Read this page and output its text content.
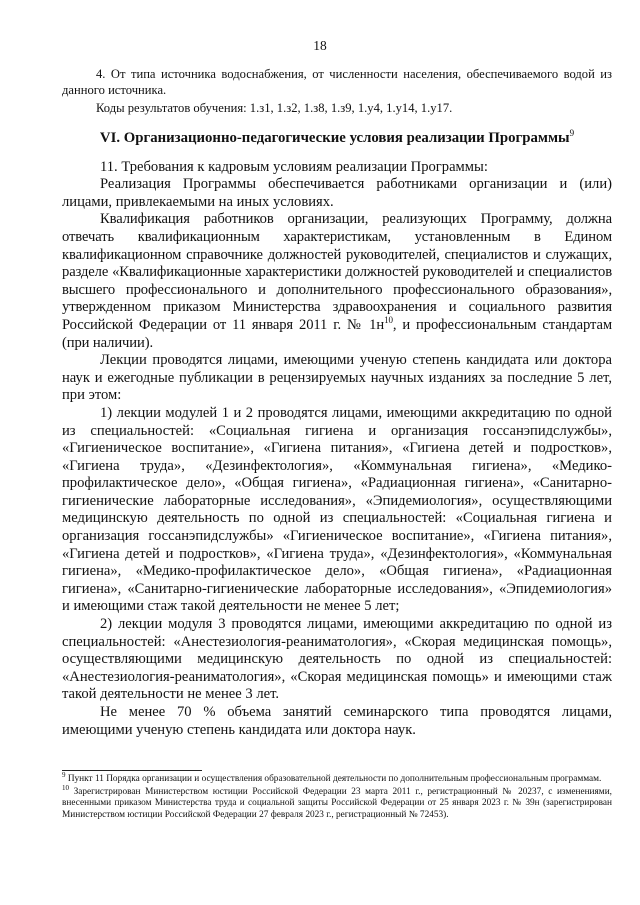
18

4. От типа источника водоснабжения, от численности населения, обеспечиваемого водой из данного источника.

Коды результатов обучения: 1.з1, 1.з2, 1.з8, 1.з9, 1.у4, 1.у14, 1.у17.

VI. Организационно-педагогические условия реализации Программы$^9$

11. Требования к кадровым условиям реализации Программы:

Реализация Программы обеспечивается работниками организации и (или) лицами, привлекаемыми на иных условиях.

Квалификация работников организации, реализующих Программу, должна отвечать квалификационным характеристикам, установленным в Едином квалификационном справочнике должностей руководителей, специалистов и служащих, разделе «Квалификационные характеристики должностей руководителей и специалистов высшего профессионального и дополнительного профессионального образования», утвержденном приказом Министерства здравоохранения и социального развития Российской Федерации от 11 января 2011 г. № $1н^{10}$, и профессиональным стандартам (при наличии).

Лекции проводятся лицами, имеющими ученую степень кандидата или доктора наук и ежегодные публикации в рецензируемых научных изданиях за последние 5 лет, при этом:

1) лекции модулей 1 и 2 проводятся лицами, имеющими аккредитацию по одной из специальностей: «Социальная гигиена и организация госсанэпидслужбы», «Гигиеническое воспитание», «Гигиена питания», «Гигиена детей и подростков», «Гигиена труда», «Дезинфектология», «Коммунальная гигиена», «Медико-профилактическое дело», «Общая гигиена», «Радиационная гигиена», «Санитарно-гигиенические лабораторные исследования», «Эпидемиология», осуществляющими медицинскую деятельность по одной из специальностей: «Социальная гигиена и организация госсанэпидслужбы» «Гигиеническое воспитание», «Гигиена питания», «Гигиена детей и подростков», «Гигиена труда», «Дезинфектология», «Коммунальная гигиена», «Медико-профилактическое дело», «Общая гигиена», «Радиационная гигиена», «Санитарно-гигиенические лабораторные исследования», «Эпидемиология» и имеющими стаж такой деятельности не менее 5 лет;

2) лекции модуля 3 проводятся лицами, имеющими аккредитацию по одной из специальностей: «Анестезиология-реаниматология», «Скорая медицинская помощь», осуществляющими медицинскую деятельность по одной из специальностей: «Анестезиология-реаниматология», «Скорая медицинская помощь» и имеющими стаж такой деятельности не менее 3 лет.

Не менее 70 % объема занятий семинарского типа проводятся лицами, имеющими ученую степень кандидата или доктора наук.

$^9$ Пункт 11 Порядка организации и осуществления образовательной деятельности по дополнительным профессиональным программам.

$^{10}$ Зарегистрирован Министерством юстиции Российской Федерации 23 марта 2011 г., регистрационный № 20237, с изменениями, внесенными приказом Министерства труда и социальной защиты Российской Федерации от 25 января 2023 г. № 39н (зарегистрирован Министерством юстиции Российской Федерации 27 февраля 2023 г., регистрационный № 72453).
